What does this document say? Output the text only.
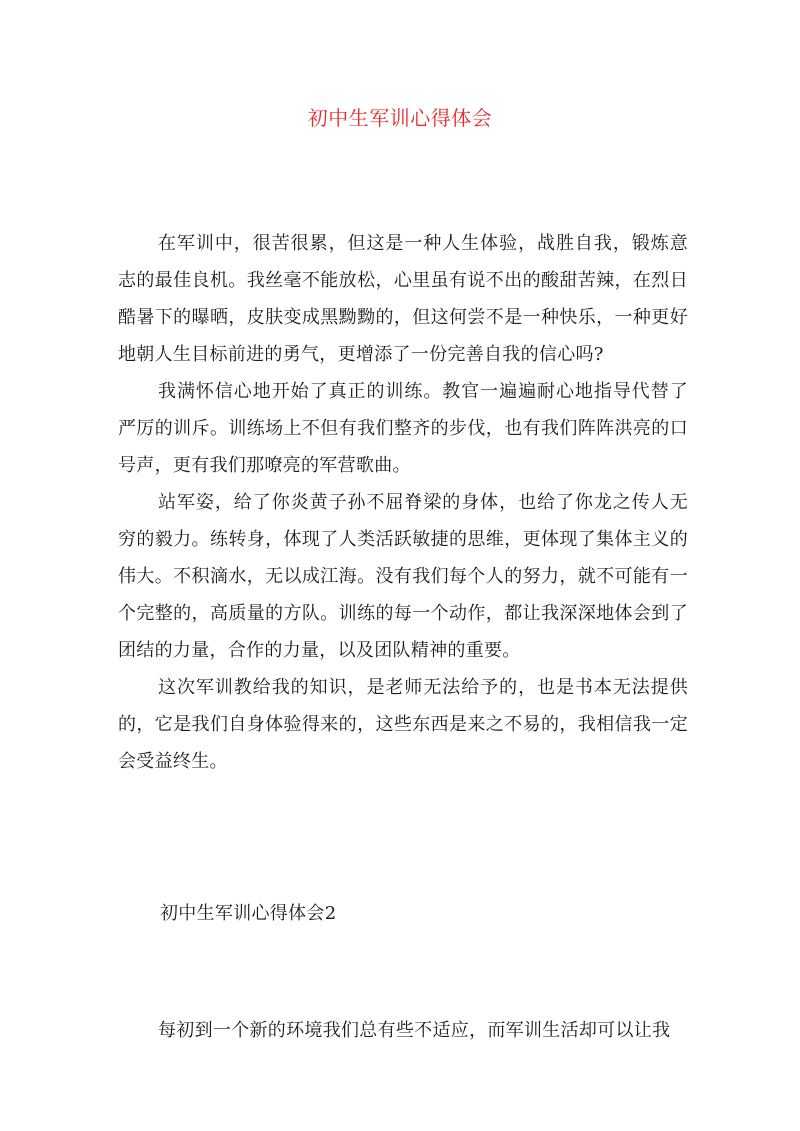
初中生军训心得体会

在军训中，很苦很累，但这是一种人生体验，战胜自我，锻炼意志的最佳良机。我丝毫不能放松，心里虽有说不出的酸甜苦辣，在烈日酷暑下的曝晒，皮肤变成黑黝黝的，但这何尝不是一种快乐，一种更好地朝人生目标前进的勇气，更增添了一份完善自我的信心吗?

我满怀信心地开始了真正的训练。教官一遍遍耐心地指导代替了严厉的训斥。训练场上不但有我们整齐的步伐，也有我们阵阵洪亮的口号声，更有我们那嘹亮的军营歌曲。

站军姿，给了你炎黄子孙不屈脊梁的身体，也给了你龙之传人无穷的毅力。练转身，体现了人类活跃敏捷的思维，更体现了集体主义的伟大。不积滴水，无以成江海。没有我们每个人的努力，就不可能有一个完整的，高质量的方队。训练的每一个动作，都让我深深地体会到了团结的力量，合作的力量，以及团队精神的重要。

这次军训教给我的知识，是老师无法给予的，也是书本无法提供的，它是我们自身体验得来的，这些东西是来之不易的，我相信我一定会受益终生。

初中生军训心得体会2

每初到一个新的环境我们总有些不适应，而军训生活却可以让我
